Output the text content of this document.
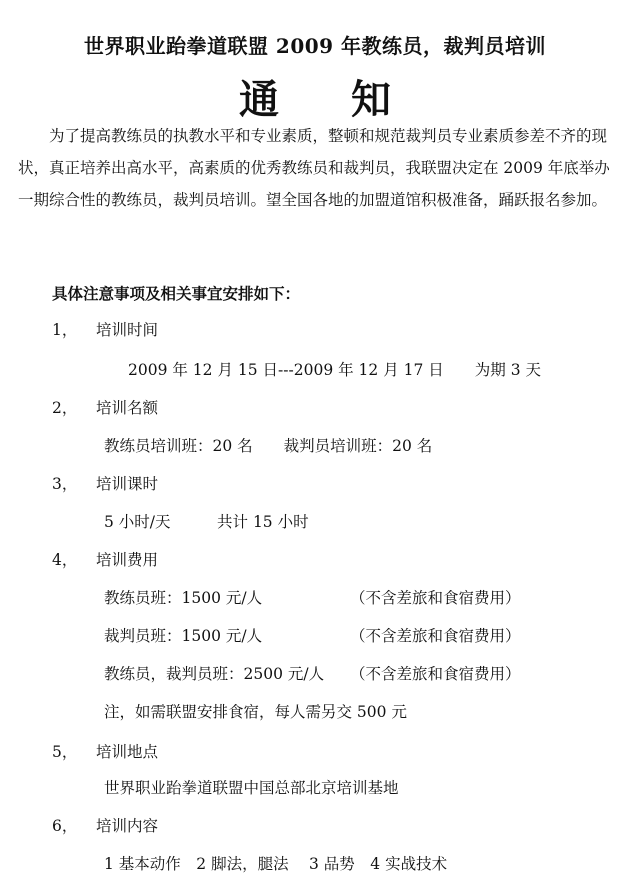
世界职业跆拳道联盟 2009 年教练员，裁判员培训
通 知
为了提高教练员的执教水平和专业素质，整顿和规范裁判员专业素质参差不齐的现状，真正培养出高水平，高素质的优秀教练员和裁判员，我联盟决定在 2009 年底举办一期综合性的教练员，裁判员培训。望全国各地的加盟道馆积极准备，踊跃报名参加。
具体注意事项及相关事宜安排如下：
1， 培训时间
2009 年 12 月 15 日---2009 年 12 月 17 日　　为期 3 天
2， 培训名额
教练员培训班：20 名　　裁判员培训班：20 名
3， 培训课时
5 小时/天　　　共计 15 小时
4， 培训费用
教练员班：1500 元/人	（不含差旅和食宿费用）
裁判员班：1500 元/人	（不含差旅和食宿费用）
教练员，裁判员班：2500 元/人 （不含差旅和食宿费用）
注，如需联盟安排食宿，每人需另交 500 元
5， 培训地点
世界职业跆拳道联盟中国总部北京培训基地
6， 培训内容
1 基本动作　2 脚法，腿法　 3 品势　4 实战技术
